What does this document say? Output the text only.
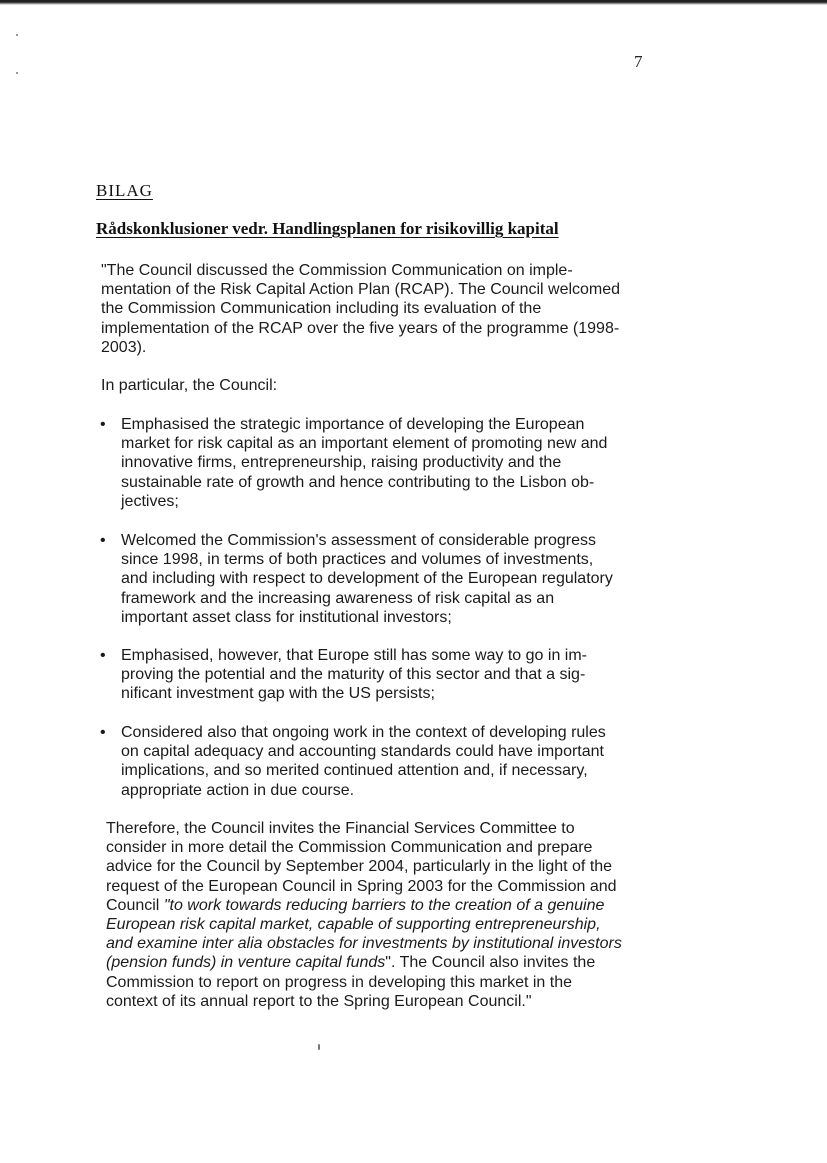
7
BILAG
Rådskonklusioner vedr. Handlingsplanen for risikovillig kapital

"The Council discussed the Commission Communication on implementation of the Risk Capital Action Plan (RCAP). The Council welcomed the Commission Communication including its evaluation of the implementation of the RCAP over the five years of the programme (1998-2003).

In particular, the Council:

• Emphasised the strategic importance of developing the European market for risk capital as an important element of promoting new and innovative firms, entrepreneurship, raising productivity and the sustainable rate of growth and hence contributing to the Lisbon objectives;

• Welcomed the Commission's assessment of considerable progress since 1998, in terms of both practices and volumes of investments, and including with respect to development of the European regulatory framework and the increasing awareness of risk capital as an important asset class for institutional investors;

• Emphasised, however, that Europe still has some way to go in improving the potential and the maturity of this sector and that a significant investment gap with the US persists;

• Considered also that ongoing work in the context of developing rules on capital adequacy and accounting standards could have important implications, and so merited continued attention and, if necessary, appropriate action in due course.

Therefore, the Council invites the Financial Services Committee to consider in more detail the Commission Communication and prepare advice for the Council by September 2004, particularly in the light of the request of the European Council in Spring 2003 for the Commission and Council "to work towards reducing barriers to the creation of a genuine European risk capital market, capable of supporting entrepreneurship, and examine inter alia obstacles for investments by institutional investors (pension funds) in venture capital funds". The Council also invites the Commission to report on progress in developing this market in the context of its annual report to the Spring European Council."
